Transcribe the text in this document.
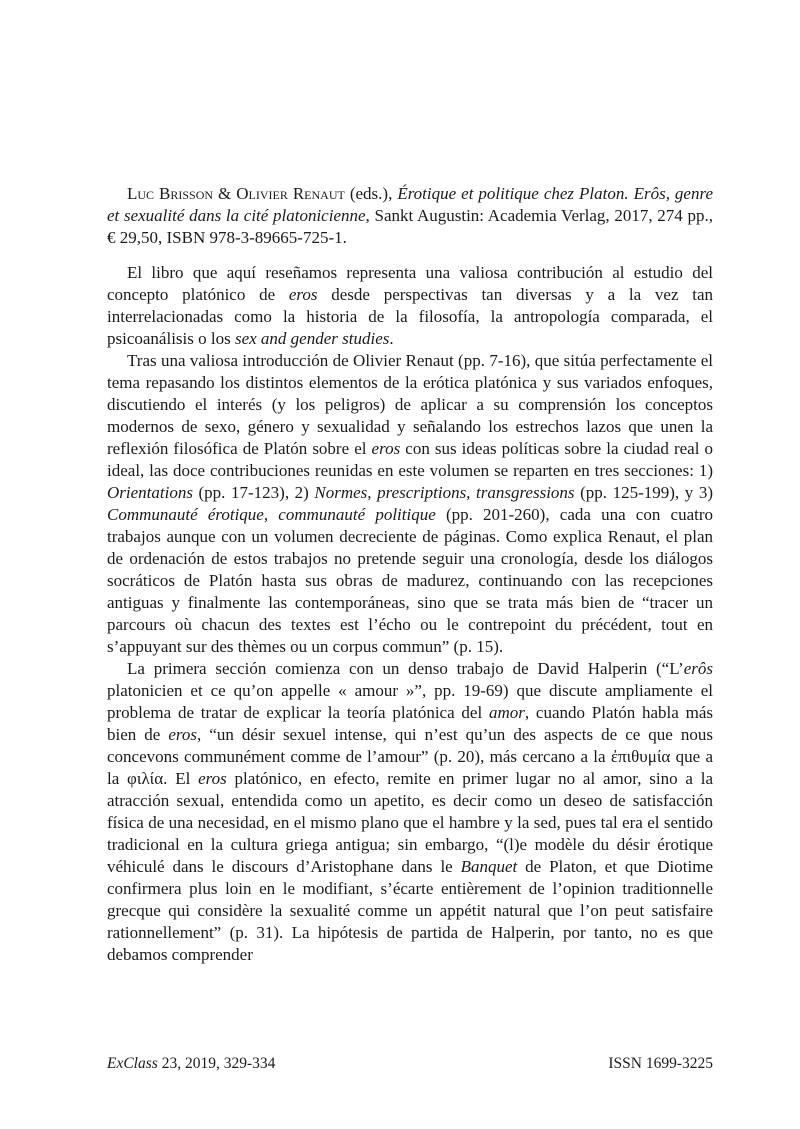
Luc Brisson & Olivier Renaut (eds.), Érotique et politique chez Platon. Erôs, genre et sexualité dans la cité platonicienne, Sankt Augustin: Academia Verlag, 2017, 274 pp., € 29,50, ISBN 978-3-89665-725-1.

El libro que aquí reseñamos representa una valiosa contribución al estudio del concepto platónico de eros desde perspectivas tan diversas y a la vez tan interrelacionadas como la historia de la filosofía, la antropología comparada, el psicoanálisis o los sex and gender studies.

Tras una valiosa introducción de Olivier Renaut (pp. 7-16), que sitúa perfectamente el tema repasando los distintos elementos de la erótica platónica y sus variados enfoques, discutiendo el interés (y los peligros) de aplicar a su comprensión los conceptos modernos de sexo, género y sexualidad y señalando los estrechos lazos que unen la reflexión filosófica de Platón sobre el eros con sus ideas políticas sobre la ciudad real o ideal, las doce contribuciones reunidas en este volumen se reparten en tres secciones: 1) Orientations (pp. 17-123), 2) Normes, prescriptions, transgressions (pp. 125-199), y 3) Communauté érotique, communauté politique (pp. 201-260), cada una con cuatro trabajos aunque con un volumen decreciente de páginas. Como explica Renaut, el plan de ordenación de estos trabajos no pretende seguir una cronología, desde los diálogos socráticos de Platón hasta sus obras de madurez, continuando con las recepciones antiguas y finalmente las contemporáneas, sino que se trata más bien de “tracer un parcours où chacun des textes est l’écho ou le contrepoint du précédent, tout en s’appuyant sur des thèmes ou un corpus commun” (p. 15).

La primera sección comienza con un denso trabajo de David Halperin (“L’erôs platonicien et ce qu’on appelle « amour »”, pp. 19-69) que discute ampliamente el problema de tratar de explicar la teoría platónica del amor, cuando Platón habla más bien de eros, “un désir sexuel intense, qui n’est qu’un des aspects de ce que nous concevons communément comme de l’amour” (p. 20), más cercano a la ἐπιθυμία que a la φιλία. El eros platónico, en efecto, remite en primer lugar no al amor, sino a la atracción sexual, entendida como un apetito, es decir como un deseo de satisfacción física de una necesidad, en el mismo plano que el hambre y la sed, pues tal era el sentido tradicional en la cultura griega antigua; sin embargo, “(l)e modèle du désir érotique véhiculé dans le discours d’Aristophane dans le Banquet de Platon, et que Diotime confirmera plus loin en le modifiant, s’écarte entièrement de l’opinion traditionnelle grecque qui considère la sexualité comme un appétit natural que l’on peut satisfaire rationnellement” (p. 31). La hipótesis de partida de Halperin, por tanto, no es que debamos comprender

ExClass 23, 2019, 329-334	ISSN 1699-3225
